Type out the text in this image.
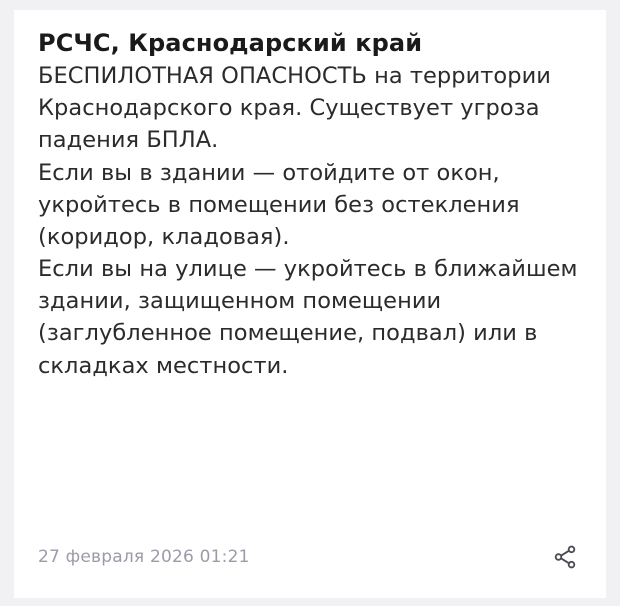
РСЧС, Краснодарский край

БЕСПИЛОТНАЯ ОПАСНОСТЬ на территории Краснодарского края. Существует угроза падения БПЛА.

Если вы в здании — отойдите от окон, укройтесь в помещении без остекления (коридор, кладовая).

Если вы на улице — укройтесь в ближайшем здании, защищенном помещении (заглубленное помещение, подвал) или в складках местности.

27 февраля 2026 01:21
